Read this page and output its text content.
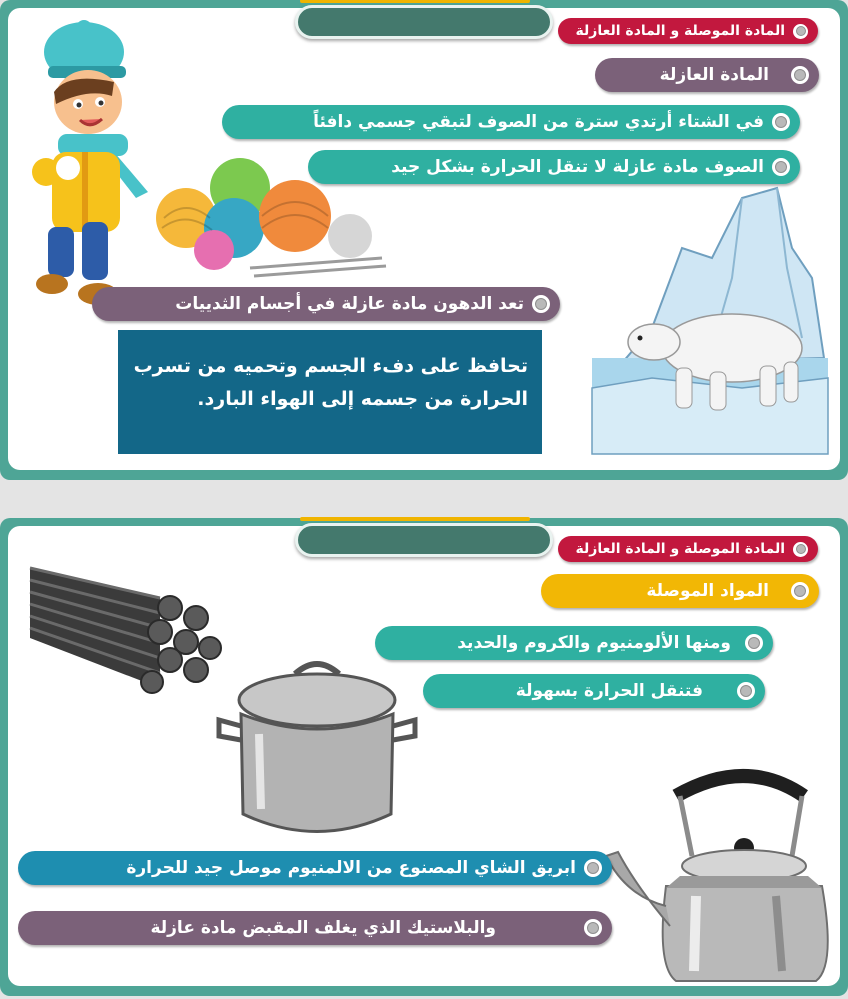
المادة الموصلة و المادة العازلة
المادة العازلة
في الشتاء أرتدي سترة من الصوف لتبقي جسمي دافئاً
الصوف مادة عازلة لا تنقل الحرارة بشكل جيد
تعد الدهون مادة عازلة في أجسام الثدييات
تحافظ على دفء الجسم وتحميه من تسرب الحرارة من جسمه إلى الهواء البارد.
المادة الموصلة و المادة العازلة
المواد الموصلة
ومنها الألومنيوم والكروم والحديد
فتنقل الحرارة بسهولة
ابريق الشاي المصنوع من الالمنيوم موصل جيد للحرارة
والبلاستيك الذي يغلف المقبض مادة عازلة
